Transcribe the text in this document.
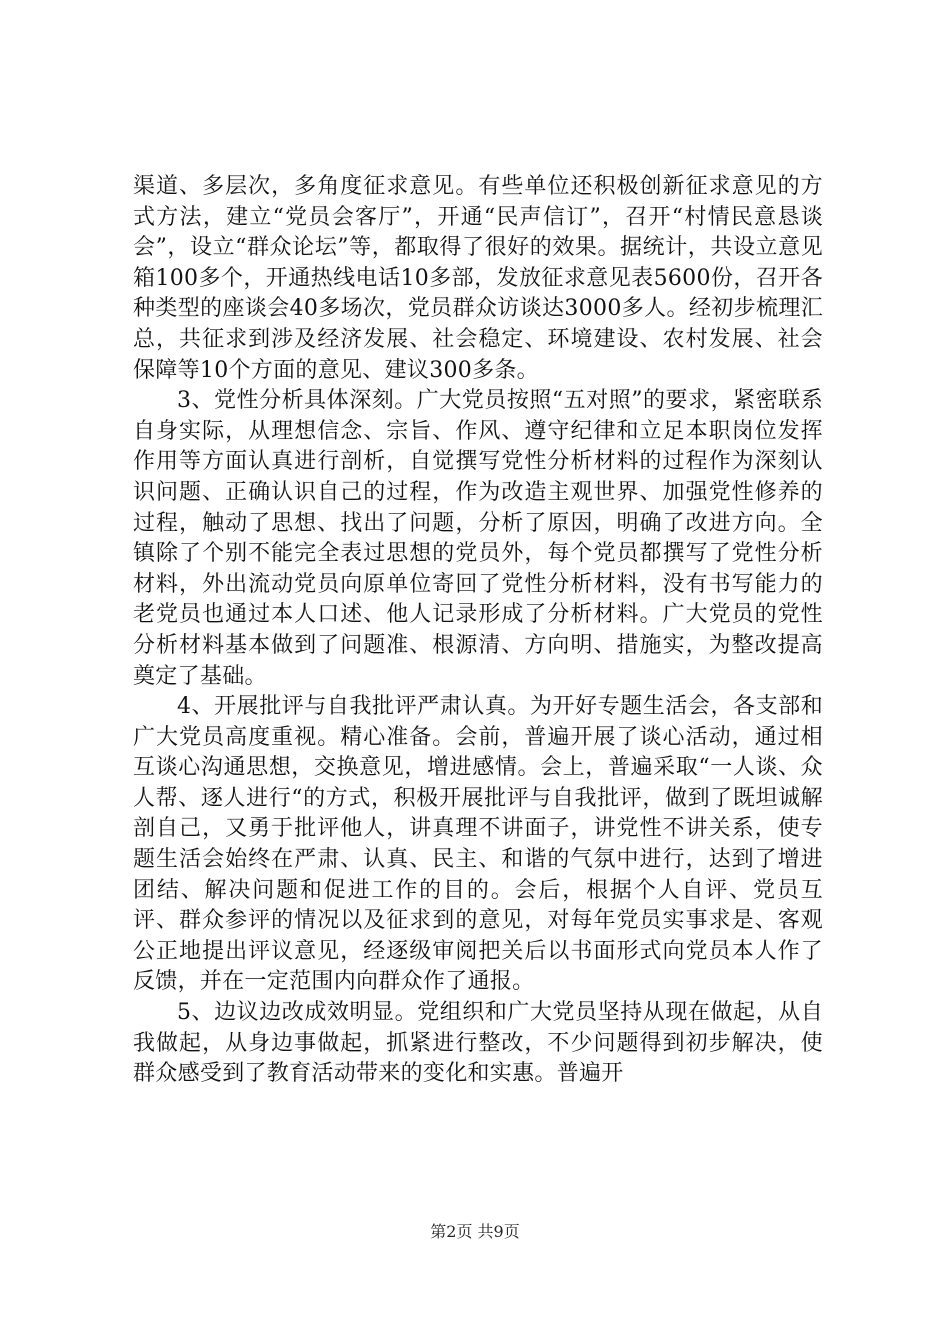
渠道、多层次，多角度征求意见。有些单位还积极创新征求意见的方式方法，建立“党员会客厅”，开通“民声信订”，召开“村情民意恳谈会”，设立“群众论坛”等，都取得了很好的效果。据统计，共设立意见箱100多个，开通热线电话10多部，发放征求意见表5600份，召开各种类型的座谈会40多场次，党员群众访谈达3000多人。经初步梳理汇总，共征求到涉及经济发展、社会稳定、环境建设、农村发展、社会保障等10个方面的意见、建议300多条。

3、党性分析具体深刻。广大党员按照“五对照”的要求，紧密联系自身实际，从理想信念、宗旨、作风、遵守纪律和立足本职岗位发挥作用等方面认真进行剖析，自觉撰写党性分析材料的过程作为深刻认识问题、正确认识自己的过程，作为改造主观世界、加强党性修养的过程，触动了思想、找出了问题，分析了原因，明确了改进方向。全镇除了个别不能完全表过思想的党员外，每个党员都撰写了党性分析材料，外出流动党员向原单位寄回了党性分析材料，没有书写能力的老党员也通过本人口述、他人记录形成了分析材料。广大党员的党性分析材料基本做到了问题准、根源清、方向明、措施实，为整改提高奠定了基础。

4、开展批评与自我批评严肃认真。为开好专题生活会，各支部和广大党员高度重视。精心准备。会前，普遍开展了谈心活动，通过相互谈心沟通思想，交换意见，增进感情。会上，普遍采取“一人谈、众人帮、逐人进行“的方式，积极开展批评与自我批评，做到了既坦诚解剖自己，又勇于批评他人，讲真理不讲面子，讲党性不讲关系，使专题生活会始终在严肃、认真、民主、和谐的气氛中进行，达到了增进团结、解决问题和促进工作的目的。会后，根据个人自评、党员互评、群众参评的情况以及征求到的意见，对每年党员实事求是、客观公正地提出评议意见，经逐级审阅把关后以书面形式向党员本人作了反馈，并在一定范围内向群众作了通报。

5、边议边改成效明显。党组织和广大党员坚持从现在做起，从自我做起，从身边事做起，抓紧进行整改，不少问题得到初步解决，使群众感受到了教育活动带来的变化和实惠。普遍开

第2页 共9页
